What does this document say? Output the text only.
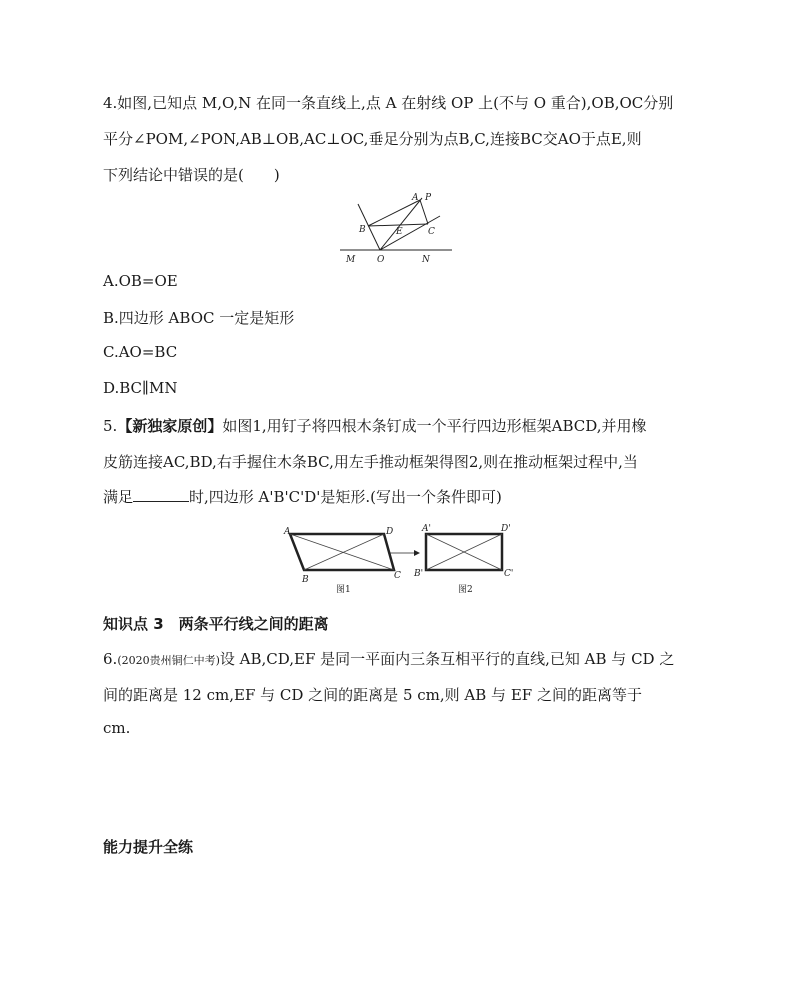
4.如图,已知点 M,O,N 在同一条直线上,点 A 在射线 OP 上(不与 O 重合),OB,OC分别
平分∠POM,∠PON,AB⊥OB,AC⊥OC,垂足分别为点B,C,连接BC交AO于点E,则
下列结论中错误的是(　　)
A P
B	E	C
M O	N
A.OB=OE
B.四边形 ABOC 一定是矩形
C.AO=BC
D.BC∥MN
5.【新独家原创】如图1,用钉子将四根木条钉成一个平行四边形框架ABCD,并用橡
皮筋连接AC,BD,右手握住木条BC,用左手推动框架得图2,则在推动框架过程中,当
满足	时,四边形 A'B'C'D'是矩形.(写出一个条件即可)
A	D
B	C
图1
A'	D'
B'	C'
图2
知识点 3　两条平行线之间的距离
6.(2020贵州铜仁中考)设 AB,CD,EF 是同一平面内三条互相平行的直线,已知 AB 与 CD 之
间的距离是 12 cm,EF 与 CD 之间的距离是 5 cm,则 AB 与 EF 之间的距离等于
cm.
能力提升全练
